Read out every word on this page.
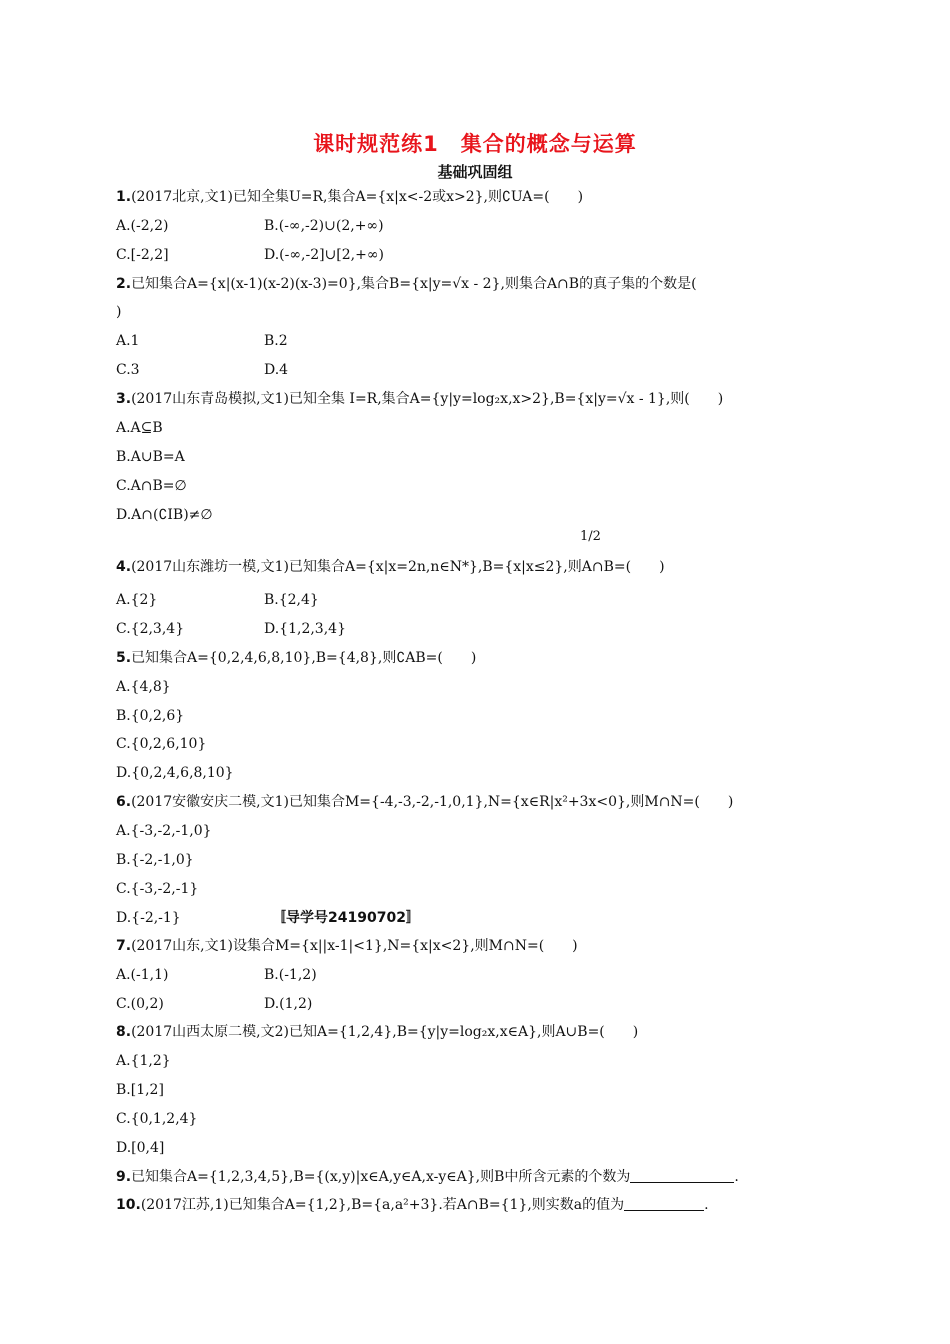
课时规范练1　集合的概念与运算
基础巩固组
1.(2017北京,文1)已知全集U=R,集合A={x|x<-2或x>2},则∁UA=(　　)
A.(-2,2)	B.(-∞,-2)∪(2,+∞)
C.[-2,2]	D.(-∞,-2]∪[2,+∞)
2.已知集合A={x|(x-1)(x-2)(x-3)=0},集合B={x|y=√x - 2},则集合A∩B的真子集的个数是(
)
A.1	B.2
C.3	D.4
3.(2017山东青岛模拟,文1)已知全集 I=R,集合A={y|y=log₂x,x>2},B={x|y=√x - 1},则(　　)
A.A⊆B
B.A∪B=A
C.A∩B=∅
D.A∩(∁IB)≠∅
1/2
4.(2017山东潍坊一模,文1)已知集合A={x|x=2n,n∈N*},B={x|x≤2},则A∩B=(　　)
A.{2}	B.{2,4}
C.{2,3,4}	D.{1,2,3,4}
5.已知集合A={0,2,4,6,8,10},B={4,8},则∁AB=(　　)
A.{4,8}
B.{0,2,6}
C.{0,2,6,10}
D.{0,2,4,6,8,10}
6.(2017安徽安庆二模,文1)已知集合M={-4,-3,-2,-1,0,1},N={x∈R|x²+3x<0},则M∩N=(　　)
A.{-3,-2,-1,0}
B.{-2,-1,0}
C.{-3,-2,-1}
D.{-2,-1}	〚导学号24190702〛
7.(2017山东,文1)设集合M={x||x-1|<1},N={x|x<2},则M∩N=(　　)
A.(-1,1)	B.(-1,2)
C.(0,2)	D.(1,2)
8.(2017山西太原二模,文2)已知A={1,2,4},B={y|y=log₂x,x∈A},则A∪B=(　　)
A.{1,2}
B.[1,2]
C.{0,1,2,4}
D.[0,4]
9.已知集合A={1,2,3,4,5},B={(x,y)|x∈A,y∈A,x-y∈A},则B中所含元素的个数为	.
10.(2017江苏,1)已知集合A={1,2},B={a,a²+3}.若A∩B={1},则实数a的值为	.
